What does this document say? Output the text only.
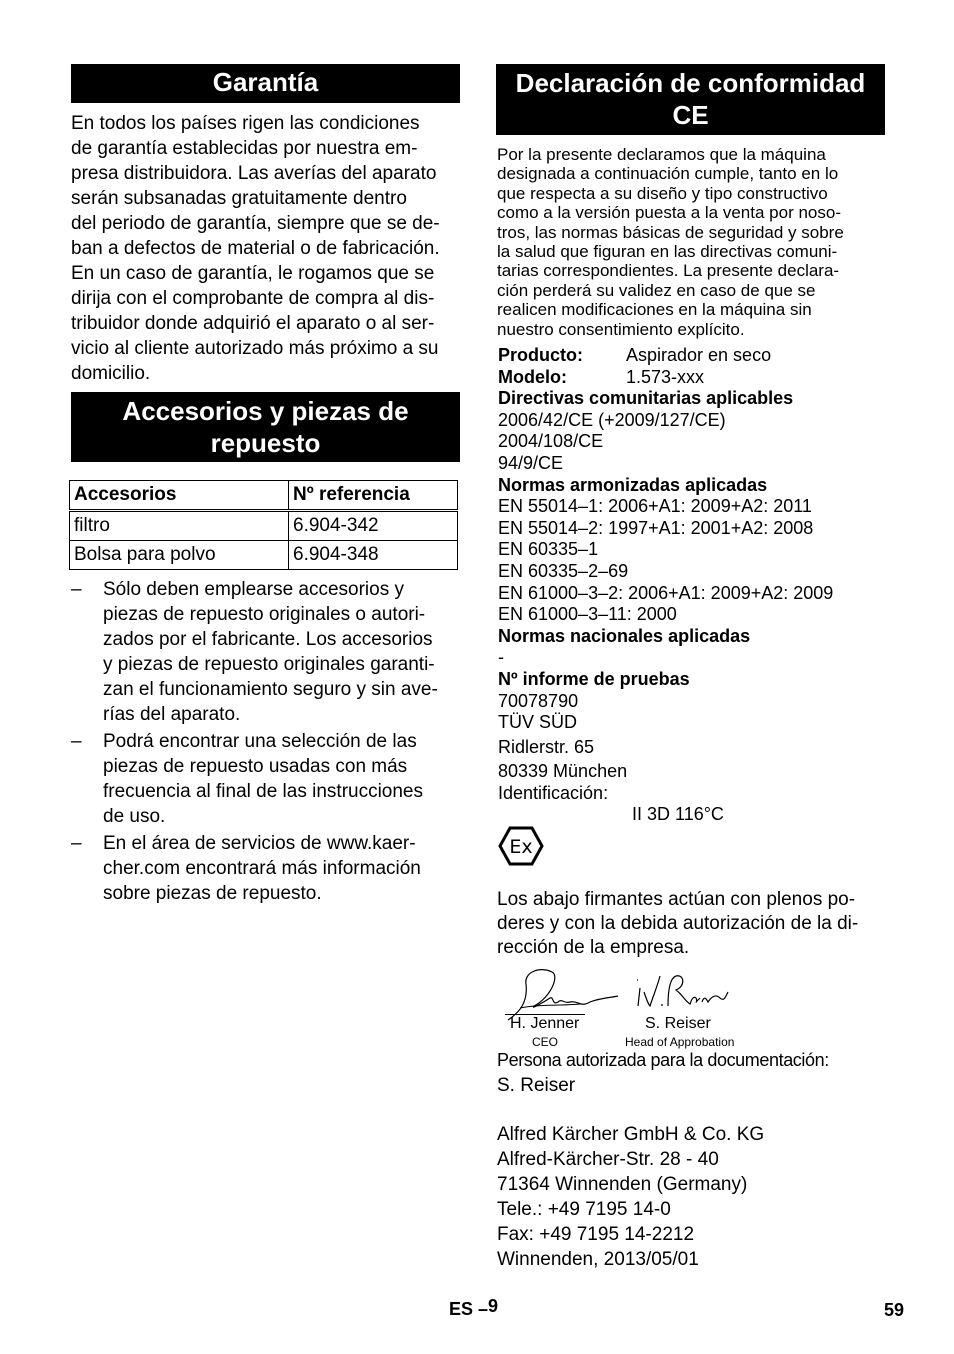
Garantía
En todos los países rigen las condiciones
de garantía establecidas por nuestra em-
presa distribuidora. Las averías del aparato
serán subsanadas gratuitamente dentro
del periodo de garantía, siempre que se de-
ban a defectos de material o de fabricación.
En un caso de garantía, le rogamos que se
dirija con el comprobante de compra al dis-
tribuidor donde adquirió el aparato o al ser-
vicio al cliente autorizado más próximo a su
domicilio.
Accesorios y piezas de
repuesto
Accesorios	Nº referencia
filtro	6.904-342
Bolsa para polvo	6.904-348
– Sólo deben emplearse accesorios y
piezas de repuesto originales o autori-
zados por el fabricante. Los accesorios
y piezas de repuesto originales garanti-
zan el funcionamiento seguro y sin ave-
rías del aparato.
– Podrá encontrar una selección de las
piezas de repuesto usadas con más
frecuencia al final de las instrucciones
de uso.
– En el área de servicios de www.kaer-
cher.com encontrará más información
sobre piezas de repuesto.
Declaración de conformidad
CE
Por la presente declaramos que la máquina
designada a continuación cumple, tanto en lo
que respecta a su diseño y tipo constructivo
como a la versión puesta a la venta por noso-
tros, las normas básicas de seguridad y sobre
la salud que figuran en las directivas comuni-
tarias correspondientes. La presente declara-
ción perderá su validez en caso de que se
realicen modificaciones en la máquina sin
nuestro consentimiento explícito.
Producto: Aspirador en seco
Modelo:	1.573-xxx
Directivas comunitarias aplicables
2006/42/CE (+2009/127/CE)
2004/108/CE
94/9/CE
Normas armonizadas aplicadas
EN 55014–1: 2006+A1: 2009+A2: 2011
EN 55014–2: 1997+A1: 2001+A2: 2008
EN 60335–1
EN 60335–2–69
EN 61000–3–2: 2006+A1: 2009+A2: 2009
EN 61000–3–11: 2000
Normas nacionales aplicadas
-
Nº informe de pruebas
70078790
TÜV SÜD
Ridlerstr. 65
80339 München
Identificación:
II 3D 116°C
Ex
Los abajo firmantes actúan con plenos po-
deres y con la debida autorización de la di-
rección de la empresa.
H. Jenner
CEO
S. Reiser
Head of Approbation
Persona autorizada para la documentación:
S. Reiser
Alfred Kärcher GmbH & Co. KG
Alfred-Kärcher-Str. 28 - 40
71364 Winnenden (Germany)
Tele.: +49 7195 14-0
Fax: +49 7195 14-2212
Winnenden, 2013/05/01
ES –9	59
